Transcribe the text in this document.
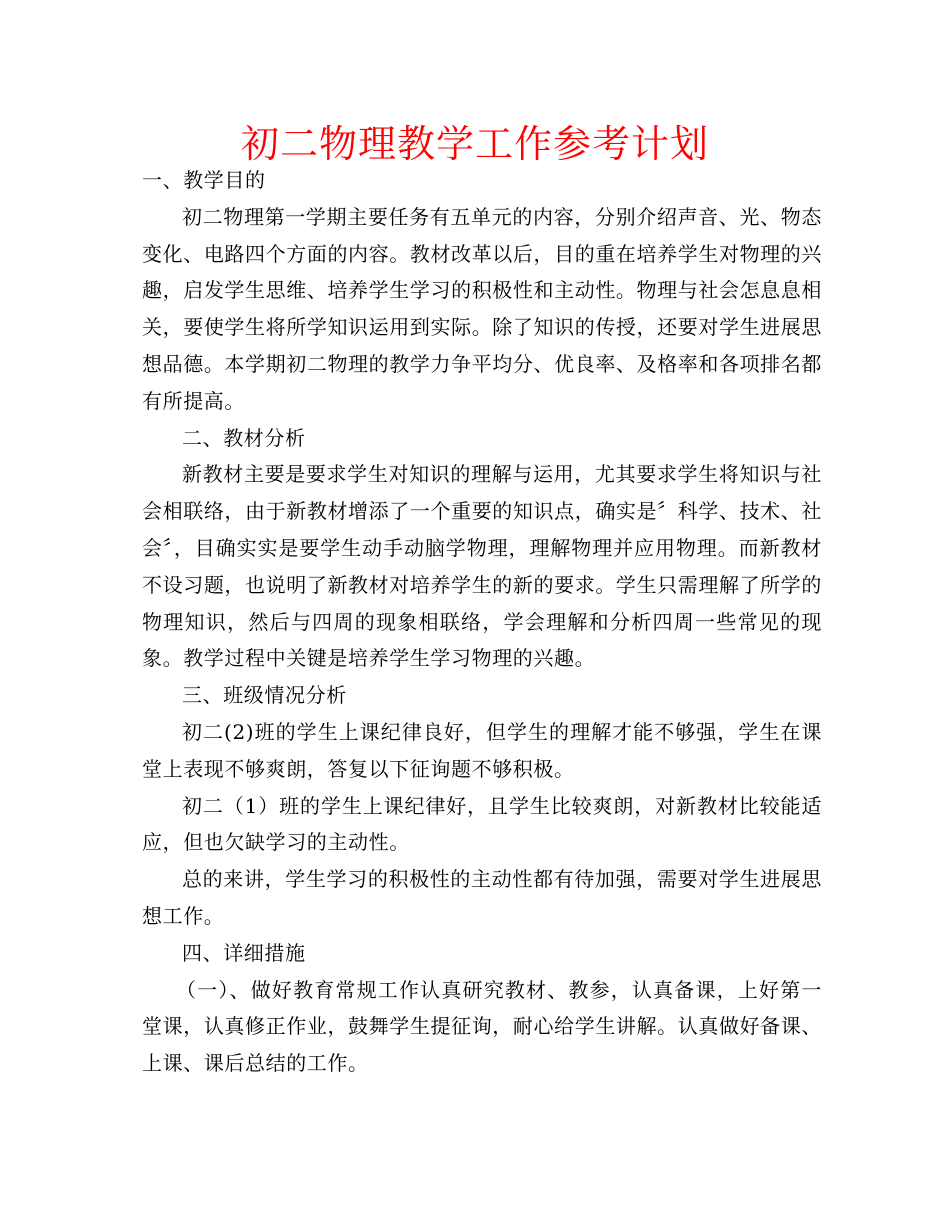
初二物理教学工作参考计划

一、教学目的

初二物理第一学期主要任务有五单元的内容，分别介绍声音、光、物态变化、电路四个方面的内容。教材改革以后，目的重在培养学生对物理的兴趣，启发学生思维、培养学生学习的积极性和主动性。物理与社会怎息息相关，要使学生将所学知识运用到实际。除了知识的传授，还要对学生进展思想品德。本学期初二物理的教学力争平均分、优良率、及格率和各项排名都有所提高。

二、教材分析

新教材主要是要求学生对知识的理解与运用，尤其要求学生将知识与社会相联络，由于新教材增添了一个重要的知识点，确实是〞科学、技术、社会〞，目确实实是要学生动手动脑学物理，理解物理并应用物理。而新教材不设习题，也说明了新教材对培养学生的新的要求。学生只需理解了所学的物理知识，然后与四周的现象相联络，学会理解和分析四周一些常见的现象。教学过程中关键是培养学生学习物理的兴趣。

三、班级情况分析

初二(2)班的学生上课纪律良好，但学生的理解才能不够强，学生在课堂上表现不够爽朗，答复以下征询题不够积极。

初二（1）班的学生上课纪律好，且学生比较爽朗，对新教材比较能适应，但也欠缺学习的主动性。

总的来讲，学生学习的积极性的主动性都有待加强，需要对学生进展思想工作。

四、详细措施

（一）、做好教育常规工作认真研究教材、教参，认真备课，上好第一堂课，认真修正作业，鼓舞学生提征询，耐心给学生讲解。认真做好备课、上课、课后总结的工作。
